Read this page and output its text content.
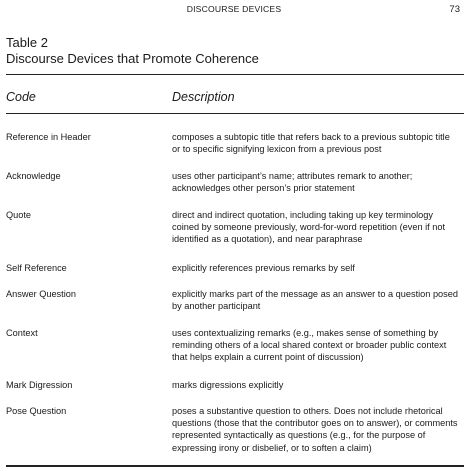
DISCOURSE DEVICES	73
Table 2
Discourse Devices that Promote Coherence
Code	Description
Reference in Header	composes a subtopic title that refers back to a previous subtopic title
or to specific signifying lexicon from a previous post
Acknowledge	uses other participant’s name; attributes remark to another;
acknowledges other person’s prior statement
Quote	direct and indirect quotation, including taking up key terminology
coined by someone previously, word-for-word repetition (even if not
identified as a quotation), and near paraphrase
Self Reference	explicitly references previous remarks by self
Answer Question	explicitly marks part of the message as an answer to a question posed
by another participant
Context	uses contextualizing remarks (e.g., makes sense of something by
reminding others of a local shared context or broader public context
that helps explain a current point of discussion)
Mark Digression	marks digressions explicitly
Pose Question	poses a substantive question to others. Does not include rhetorical
questions (those that the contributor goes on to answer), or comments
represented syntactically as questions (e.g., for the purpose of
expressing irony or disbelief, or to soften a claim)
